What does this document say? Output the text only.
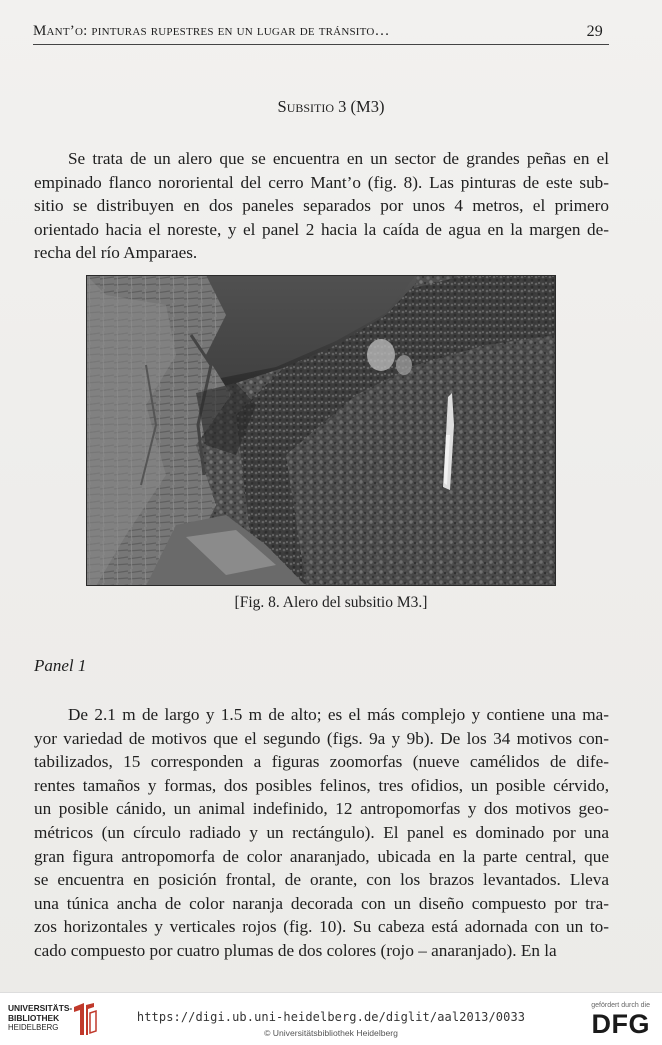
Mant’o: pinturas rupestres en un lugar de tránsito…	29
Subsitio 3 (M3)
Se trata de un alero que se encuentra en un sector de grandes peñas en el
empinado flanco nororiental del cerro Mant’o (fig. 8). Las pinturas de este sub-
sitio se distribuyen en dos paneles separados por unos 4 metros, el primero
orientado hacia el noreste, y el panel 2 hacia la caída de agua en la margen de-
recha del río Amparaes.
[Fig. 8. Alero del subsitio M3.]
Panel 1
De 2.1 m de largo y 1.5 m de alto; es el más complejo y contiene una ma-
yor variedad de motivos que el segundo (figs. 9a y 9b). De los 34 motivos con-
tabilizados, 15 corresponden a figuras zoomorfas (nueve camélidos de dife-
rentes tamaños y formas, dos posibles felinos, tres ofidios, un posible cérvido,
un posible cánido, un animal indefinido, 12 antropomorfas y dos motivos geo-
métricos (un círculo radiado y un rectángulo). El panel es dominado por una
gran figura antropomorfa de color anaranjado, ubicada en la parte central, que
se encuentra en posición frontal, de orante, con los brazos levantados. Lleva
una túnica ancha de color naranja decorada con un diseño compuesto por tra-
zos horizontales y verticales rojos (fig. 10). Su cabeza está adornada con un to-
cado compuesto por cuatro plumas de dos colores (rojo – anaranjado). En la
UNIVERSITÄTS-
BIBLIOTHEK
HEIDELBERG
https://digi.ub.uni-heidelberg.de/diglit/aal2013/0033
© Universitätsbibliothek Heidelberg
gefördert durch die
DFG
